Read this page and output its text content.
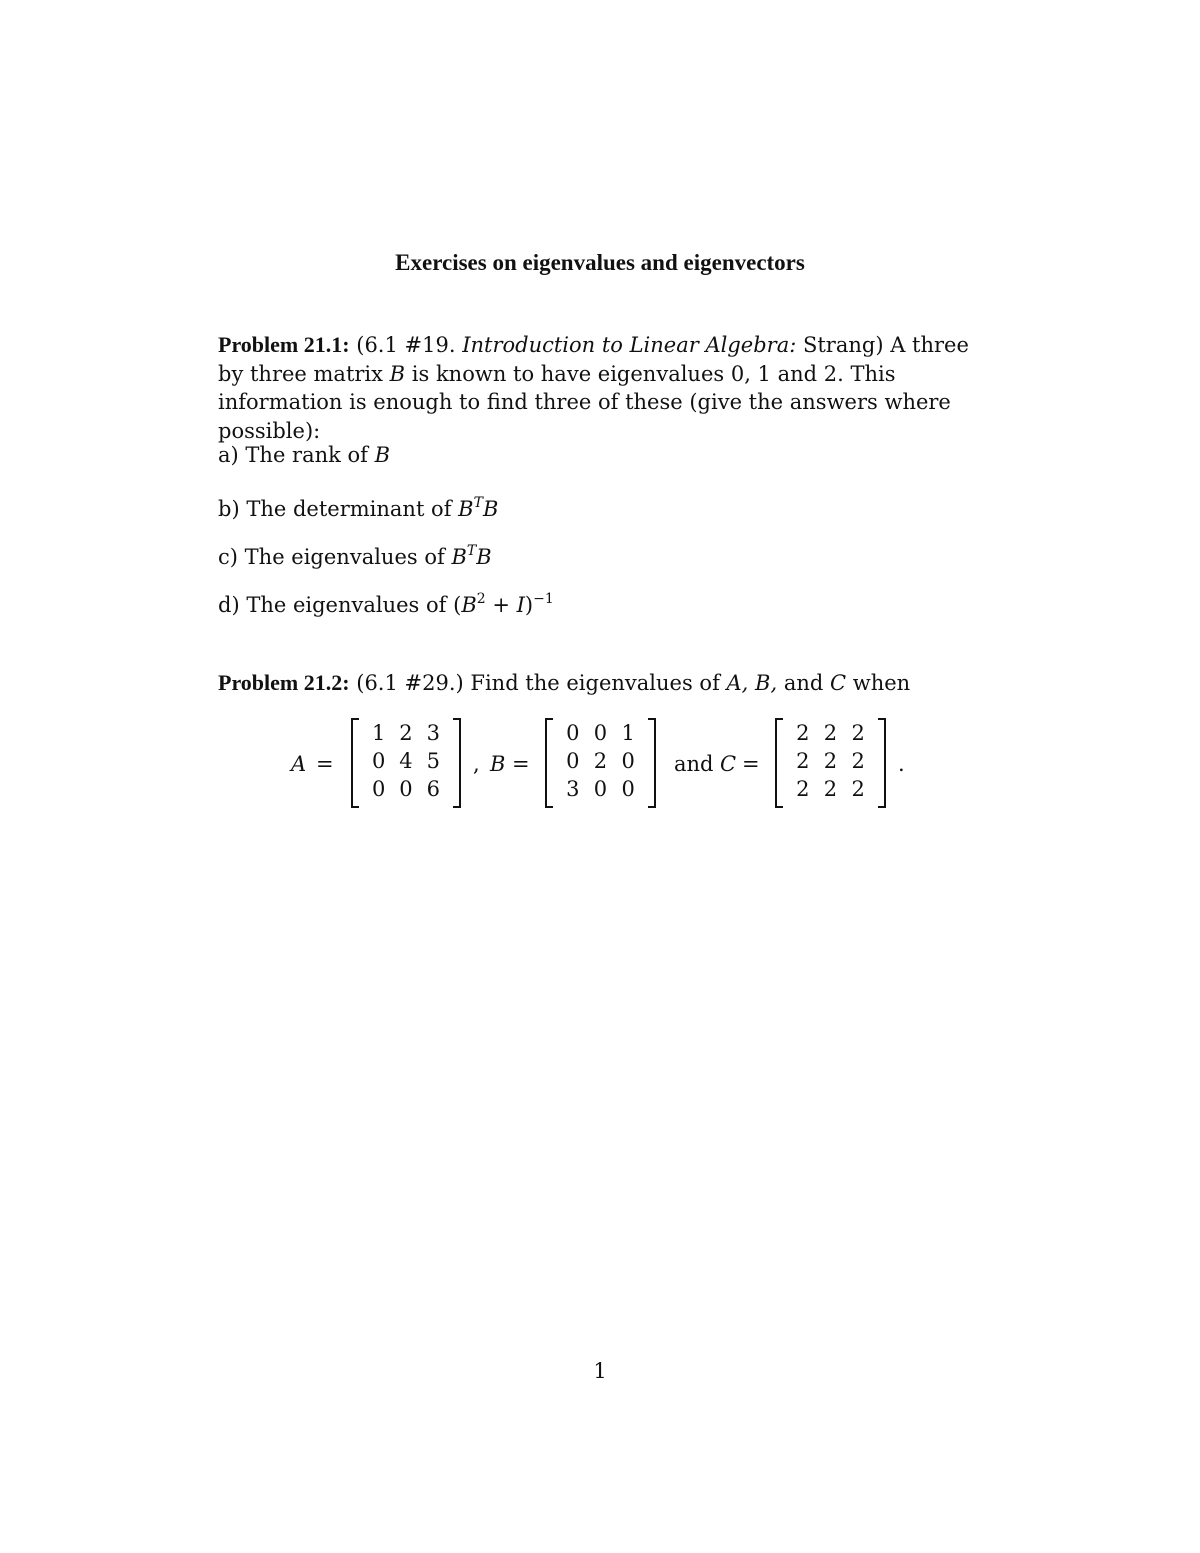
Exercises on eigenvalues and eigenvectors
Problem 21.1: (6.1 #19. Introduction to Linear Algebra: Strang) A three by three matrix B is known to have eigenvalues 0, 1 and 2. This information is enough to find three of these (give the answers where possible):
a) The rank of B
b) The determinant of $B^TB$
c) The eigenvalues of $B^TB$
d) The eigenvalues of $(B^2 + I)^{-1}$
Problem 21.2: (6.1 #29.) Find the eigenvalues of A, B, and C when
A =
1 2 3
0 4 5
0 0 6
, B =
0 0 1
0 2 0
3 0 0
and C =
2 2 2
2 2 2
2 2 2
.
1
